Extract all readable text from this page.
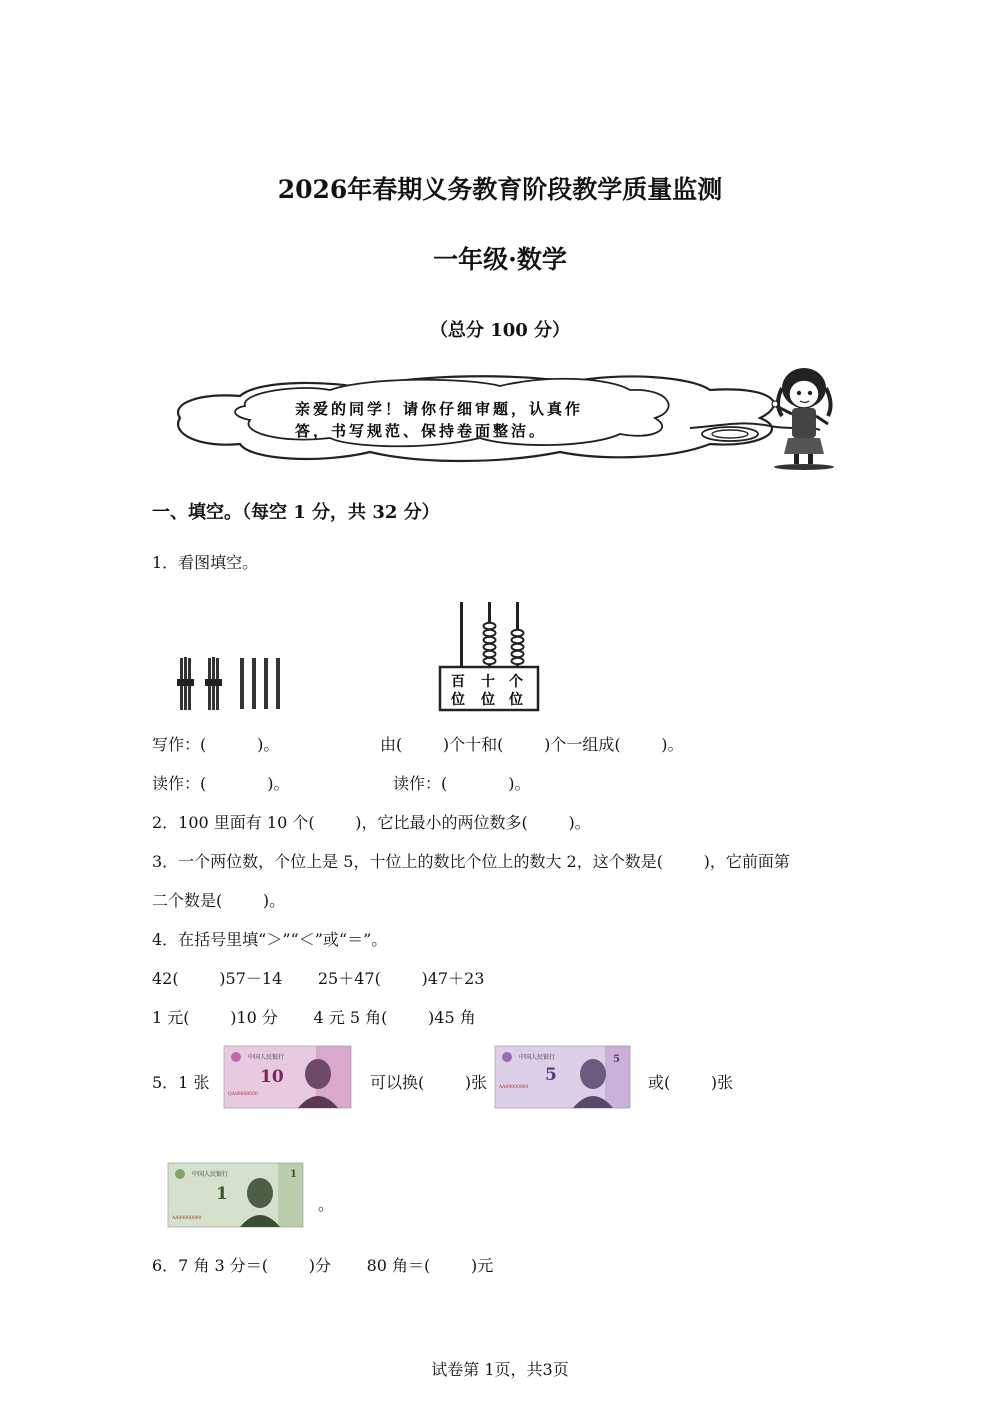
2026年春期义务教育阶段教学质量监测
一年级·数学
（总分 100 分）
亲爱的同学！请你仔细审题，认真作
答，书写规范、保持卷面整洁。
一、填空。（每空 1 分，共 32 分）
1．看图填空。
百 十 个
位 位 位
写作：(          )。	由(        )个十和(        )个一组成(        )。
读作：(            )。	读作：(            )。
2．100 里面有 10 个(        )，它比最小的两位数多(        )。
3．一个两位数，个位上是 5，十位上的数比个位上的数大 2，这个数是(        )，它前面第
二个数是(        )。
4．在括号里填“＞”“＜”或“＝”。
42(        )57－14       25＋47(        )47＋23
1 元(        )10 分       4 元 5 角(        )45 角
5．1 张
中国人民银行
10
QA00000000
可以换(        )张
中国人民银行
5
AA00000000
5
或(        )张
中国人民银行
1
AA00000000
1
。
6．7 角 3 分＝(        )分       80 角＝(        )元
试卷第 1页，共3页
